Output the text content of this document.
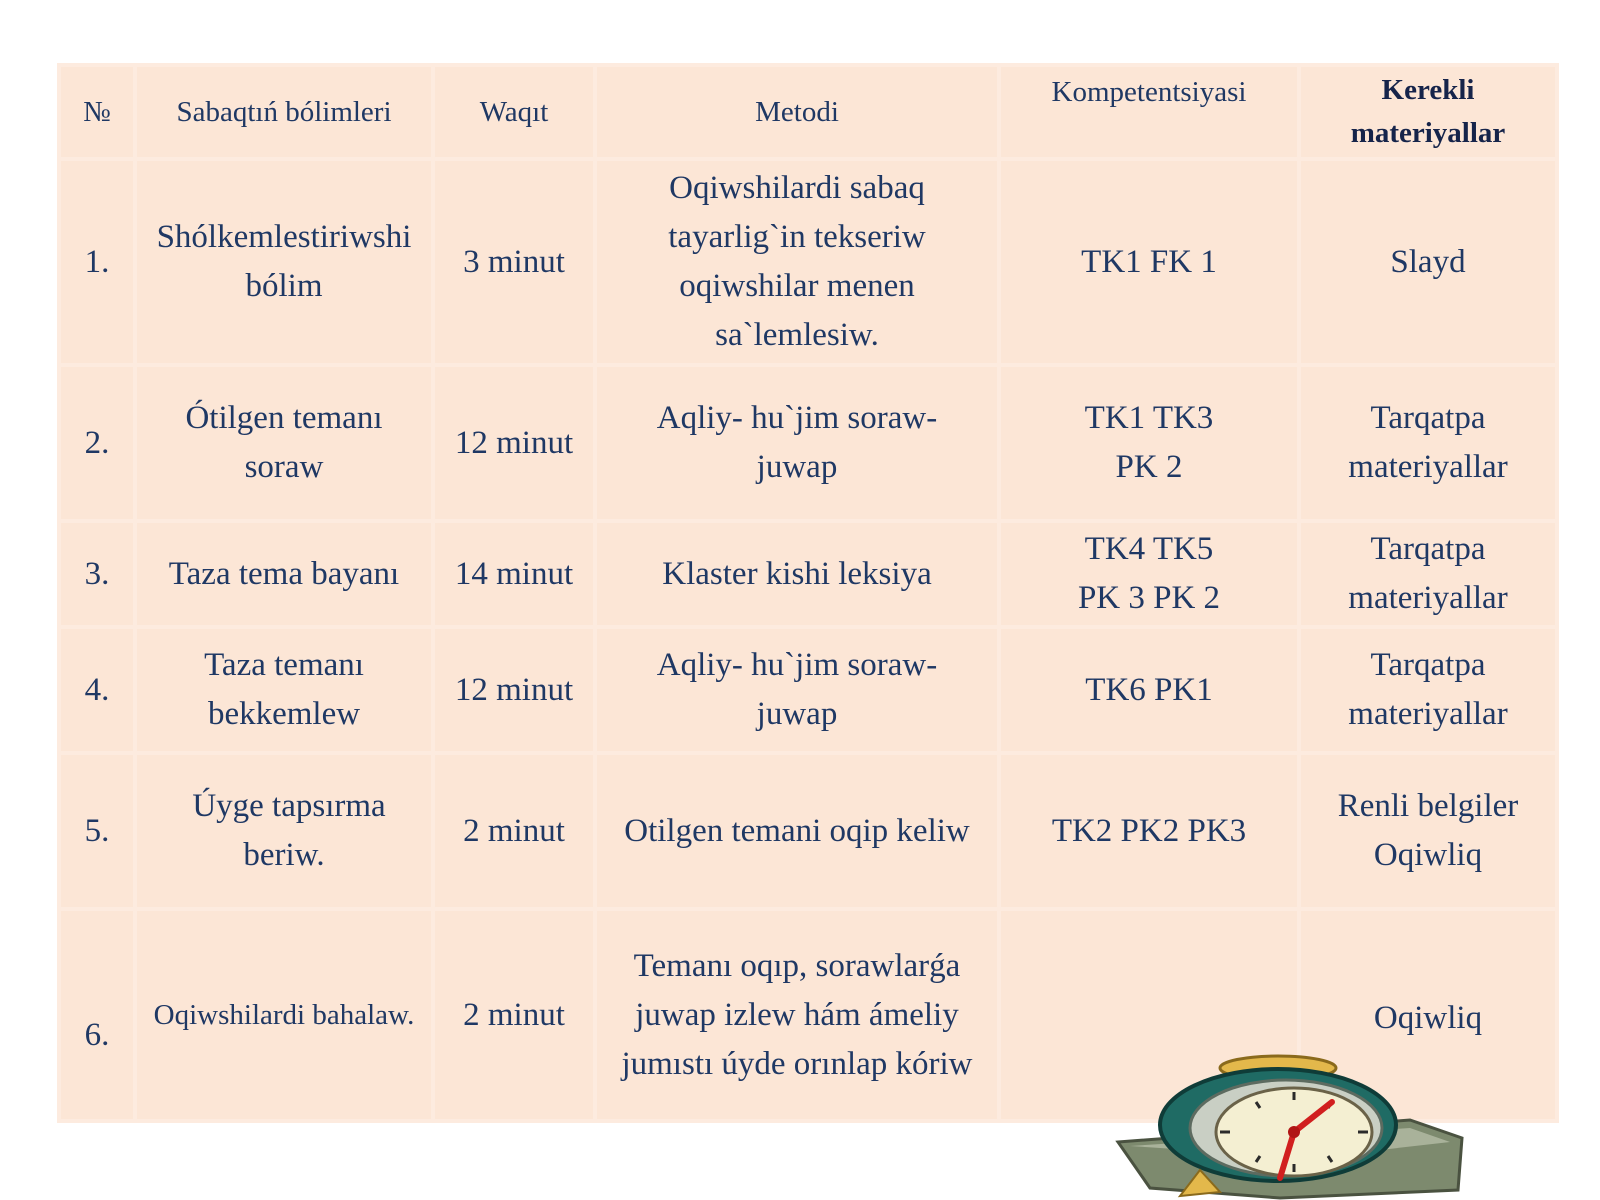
№	Sabaqtıń bólimleri	Waqıt	Metodi	Kompetentsiyasi	Kerekli
materiyallar
1.	Shólkemlestiriwshi
bólim	3 minut	Oqiwshilardi sabaq
tayarlig`in tekseriw
oqiwshilar menen
sa`lemlesiw.	TK1 FK 1	Slayd
2.	Ótilgen temanı
soraw	12 minut	Aqliy- hu`jim soraw-
juwap	TK1 TK3
PK 2	Tarqatpa
materiyallar
3.	Taza tema bayanı	14 minut	Klaster kishi leksiya	TK4 TK5
PK 3 PK 2	Tarqatpa
materiyallar
4.	Taza temanı
bekkemlew	12 minut	Aqliy- hu`jim soraw-
juwap	TK6 PK1	Tarqatpa
materiyallar
5.	Úyge tapsırma
beriw.	2 minut	Otilgen temani oqip keliw	TK2 PK2 PK3	Renli belgiler
Oqiwliq
6.	Oqiwshilardi bahalaw.	2 minut	Temanı oqıp, sorawlarǵa
juwap izlew hám ámeliy
jumıstı úyde orınlap kóriw		Oqiwliq
